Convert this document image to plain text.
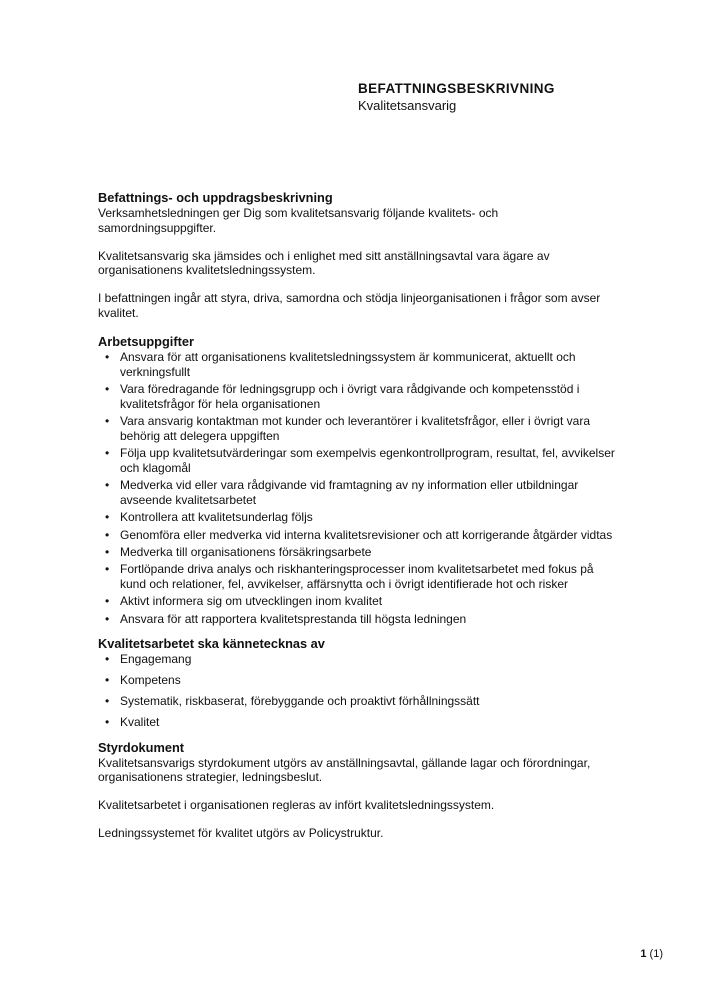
BEFATTNINGSBESKRIVNING
Kvalitetsansvarig
Befattnings- och uppdragsbeskrivning

Verksamhetsledningen ger Dig som kvalitetsansvarig följande kvalitets- och samordningsuppgifter.

Kvalitetsansvarig ska jämsides och i enlighet med sitt anställningsavtal vara ägare av organisationens kvalitetsledningssystem.

I befattningen ingår att styra, driva, samordna och stödja linjeorganisationen i frågor som avser kvalitet.

Arbetsuppgifter
• Ansvara för att organisationens kvalitetsledningssystem är kommunicerat, aktuellt och verkningsfullt
• Vara föredragande för ledningsgrupp och i övrigt vara rådgivande och kompetensstöd i kvalitetsfrågor för hela organisationen
• Vara ansvarig kontaktman mot kunder och leverantörer i kvalitetsfrågor, eller i övrigt vara behörig att delegera uppgiften
• Följa upp kvalitetsutvärderingar som exempelvis egenkontrollprogram, resultat, fel, avvikelser och klagomål
• Medverka vid eller vara rådgivande vid framtagning av ny information eller utbildningar avseende kvalitetsarbetet
• Kontrollera att kvalitetsunderlag följs
• Genomföra eller medverka vid interna kvalitetsrevisioner och att korrigerande åtgärder vidtas
• Medverka till organisationens försäkringsarbete
• Fortlöpande driva analys och riskhanteringsprocesser inom kvalitetsarbetet med fokus på kund och relationer, fel, avvikelser, affärsnytta och i övrigt identifierade hot och risker
• Aktivt informera sig om utvecklingen inom kvalitet
• Ansvara för att rapportera kvalitetsprestanda till högsta ledningen
Kvalitetsarbetet ska kännetecknas av
• Engagemang
• Kompetens
• Systematik, riskbaserat, förebyggande och proaktivt förhållningssätt
• Kvalitet
Styrdokument

Kvalitetsansvarigs styrdokument utgörs av anställningsavtal, gällande lagar och förordningar, organisationens strategier, ledningsbeslut.

Kvalitetsarbetet i organisationen regleras av infört kvalitetsledningssystem.

Ledningssystemet för kvalitet utgörs av Policystruktur.

1 (1)
